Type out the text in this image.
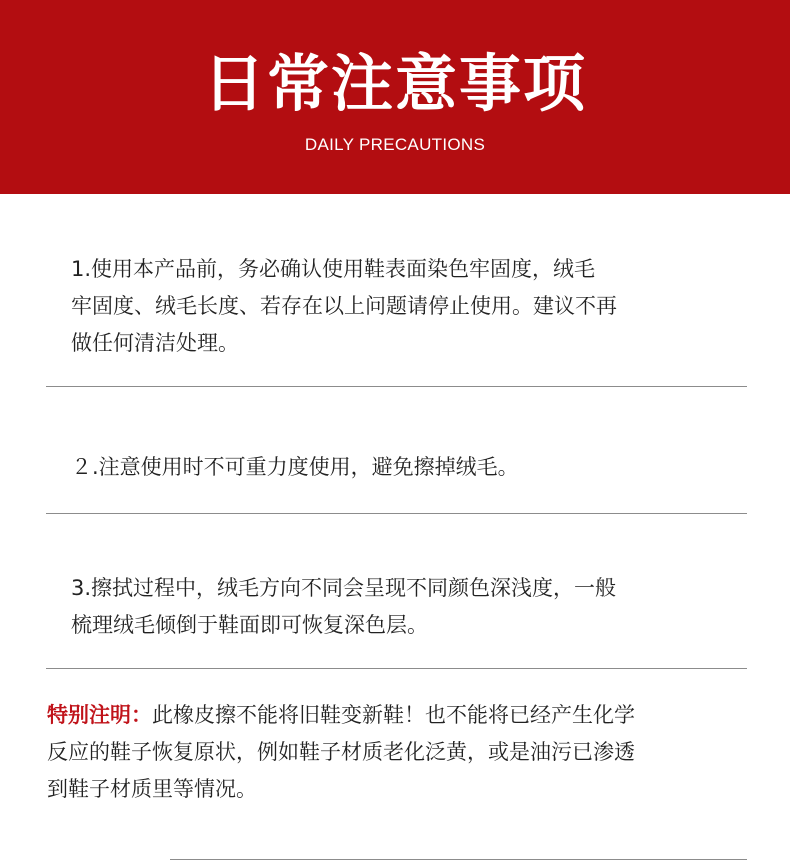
日常注意事项
DAILY PRECAUTIONS

1.使用本产品前，务必确认使用鞋表面染色牢固度，绒毛
牢固度、绒毛长度、若存在以上问题请停止使用。建议不再
做任何清洁处理。

２.注意使用时不可重力度使用，避免擦掉绒毛。

3.擦拭过程中，绒毛方向不同会呈现不同颜色深浅度，一般
梳理绒毛倾倒于鞋面即可恢复深色层。

特别注明：此橡皮擦不能将旧鞋变新鞋！也不能将已经产生化学
反应的鞋子恢复原状，例如鞋子材质老化泛黄，或是油污已渗透
到鞋子材质里等情况。
